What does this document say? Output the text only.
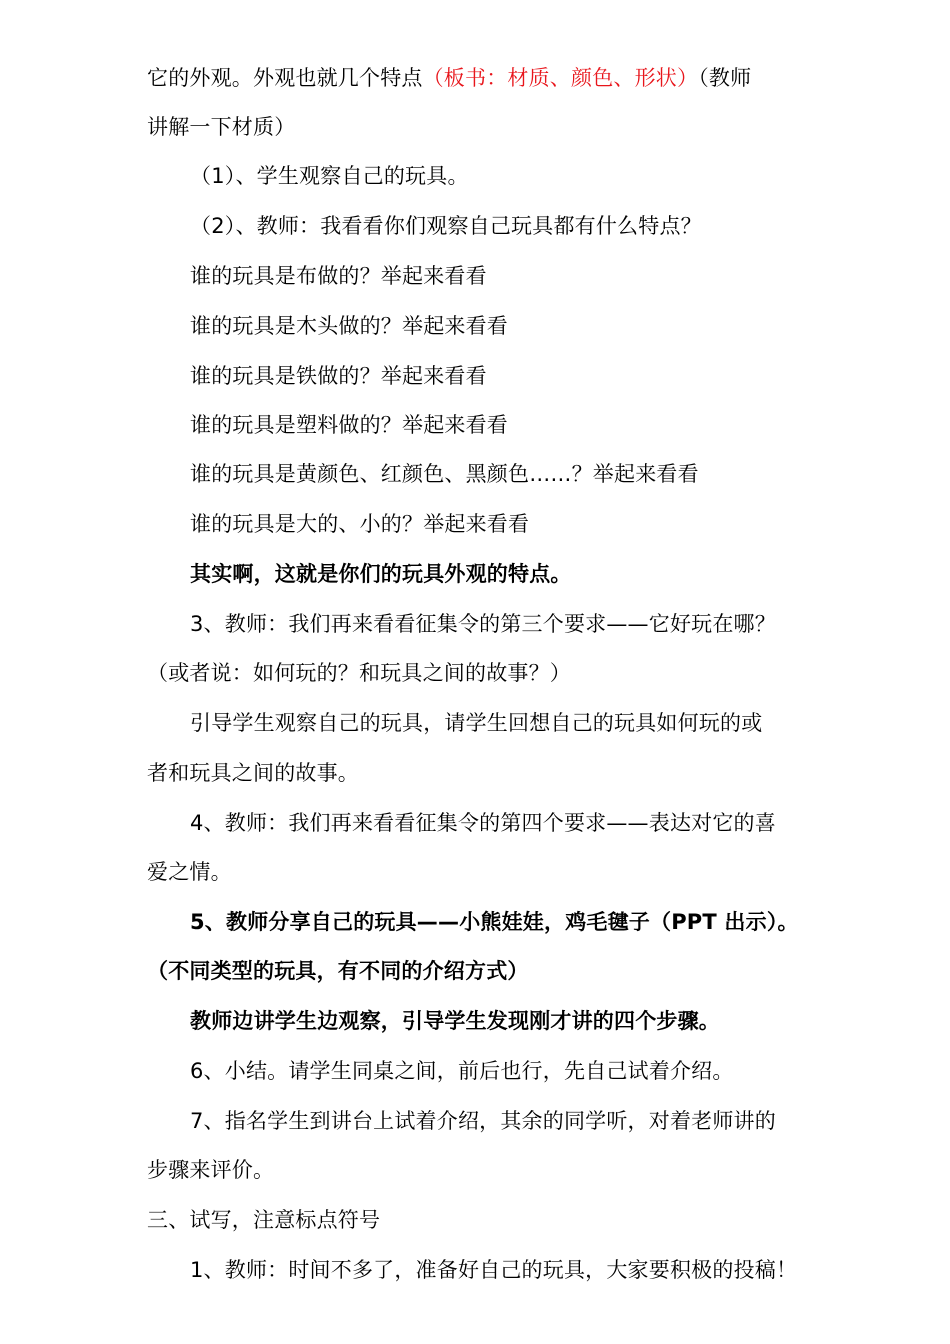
它的外观。外观也就几个特点（板书：材质、颜色、形状）（教师
讲解一下材质）
（1）、学生观察自己的玩具。
（2）、教师：我看看你们观察自己玩具都有什么特点？
谁的玩具是布做的？举起来看看
谁的玩具是木头做的？举起来看看
谁的玩具是铁做的？举起来看看
谁的玩具是塑料做的？举起来看看
谁的玩具是黄颜色、红颜色、黑颜色……？举起来看看
谁的玩具是大的、小的？举起来看看
其实啊，这就是你们的玩具外观的特点。
3、教师：我们再来看看征集令的第三个要求——它好玩在哪？
（或者说：如何玩的？和玩具之间的故事？）
引导学生观察自己的玩具，请学生回想自己的玩具如何玩的或
者和玩具之间的故事。
4、教师：我们再来看看征集令的第四个要求——表达对它的喜
爱之情。
5、教师分享自己的玩具——小熊娃娃，鸡毛毽子（PPT 出示）。
（不同类型的玩具，有不同的介绍方式）
教师边讲学生边观察，引导学生发现刚才讲的四个步骤。
6、小结。请学生同桌之间，前后也行，先自己试着介绍。
7、指名学生到讲台上试着介绍，其余的同学听，对着老师讲的
步骤来评价。
三、试写，注意标点符号
1、教师：时间不多了，准备好自己的玩具，大家要积极的投稿！
